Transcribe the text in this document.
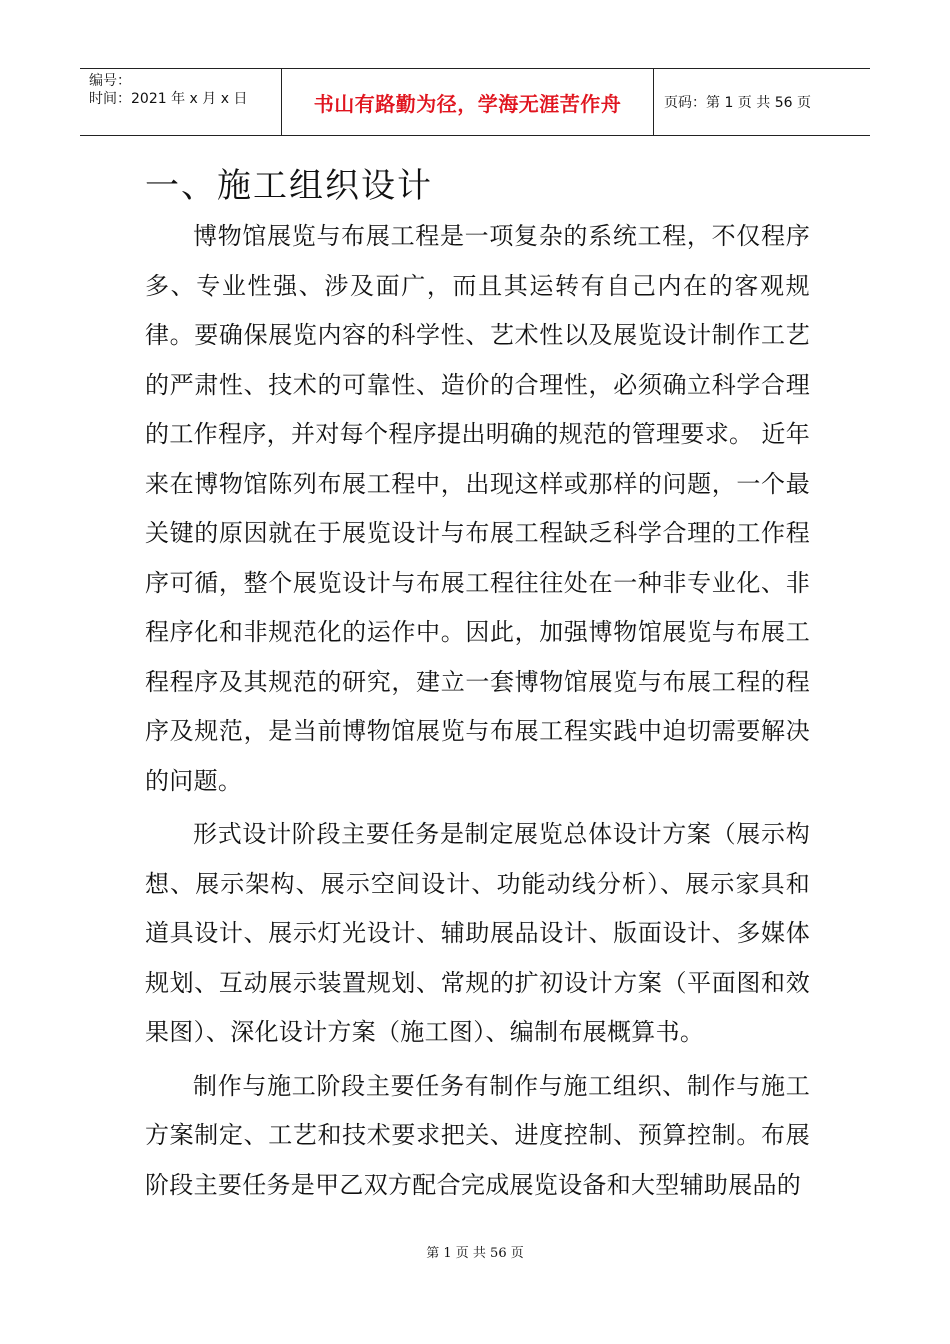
编号：
时间：2021 年 x 月 x 日	书山有路勤为径，学海无涯苦作舟	页码：第 1 页 共 56 页
一、施工组织设计

博物馆展览与布展工程是一项复杂的系统工程，不仅程序多、专业性强、涉及面广，而且其运转有自己内在的客观规律。要确保展览内容的科学性、艺术性以及展览设计制作工艺的严肃性、技术的可靠性、造价的合理性，必须确立科学合理的工作程序，并对每个程序提出明确的规范的管理要求。 近年来在博物馆陈列布展工程中，出现这样或那样的问题，一个最关键的原因就在于展览设计与布展工程缺乏科学合理的工作程序可循，整个展览设计与布展工程往往处在一种非专业化、非程序化和非规范化的运作中。因此，加强博物馆展览与布展工程程序及其规范的研究，建立一套博物馆展览与布展工程的程序及规范，是当前博物馆展览与布展工程实践中迫切需要解决的问题。

形式设计阶段主要任务是制定展览总体设计方案（展示构想、展示架构、展示空间设计、功能动线分析）、展示家具和道具设计、展示灯光设计、辅助展品设计、版面设计、多媒体规划、互动展示装置规划、常规的扩初设计方案（平面图和效果图）、深化设计方案（施工图）、编制布展概算书。

制作与施工阶段主要任务有制作与施工组织、制作与施工方案制定、工艺和技术要求把关、进度控制、预算控制。布展阶段主要任务是甲乙双方配合完成展览设备和大型辅助展品的

第 1 页 共 56 页
